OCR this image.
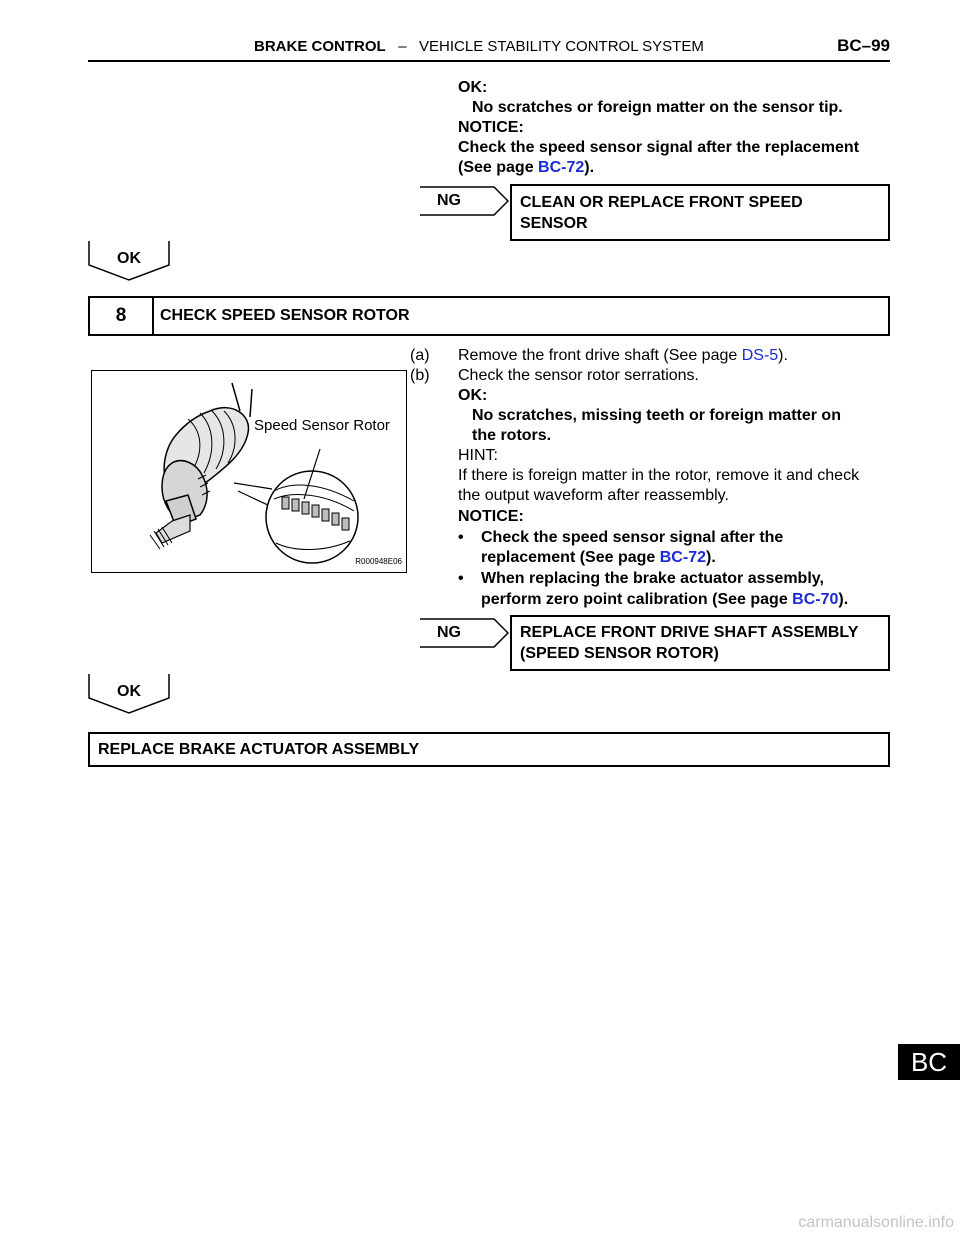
BRAKE CONTROL – VEHICLE STABILITY CONTROL SYSTEM	BC–99
OK:
No scratches or foreign matter on the sensor tip.
NOTICE:
Check the speed sensor signal after the replacement
(See page BC-72).
NG	CLEAN OR REPLACE FRONT SPEED
SENSOR
OK
8	CHECK SPEED SENSOR ROTOR
(a) Remove the front drive shaft (See page DS-5).
(b) Check the sensor rotor serrations.
OK:
No scratches, missing teeth or foreign matter on
the rotors.
HINT:
If there is foreign matter in the rotor, remove it and check
the output waveform after reassembly.
NOTICE:
• Check the speed sensor signal after the
replacement (See page BC-72).
• When replacing the brake actuator assembly,
perform zero point calibration (See page BC-70).
Speed Sensor Rotor
R000948E06
NG	REPLACE FRONT DRIVE SHAFT ASSEMBLY
(SPEED SENSOR ROTOR)
OK
REPLACE BRAKE ACTUATOR ASSEMBLY
BC
carmanualsonline.info
